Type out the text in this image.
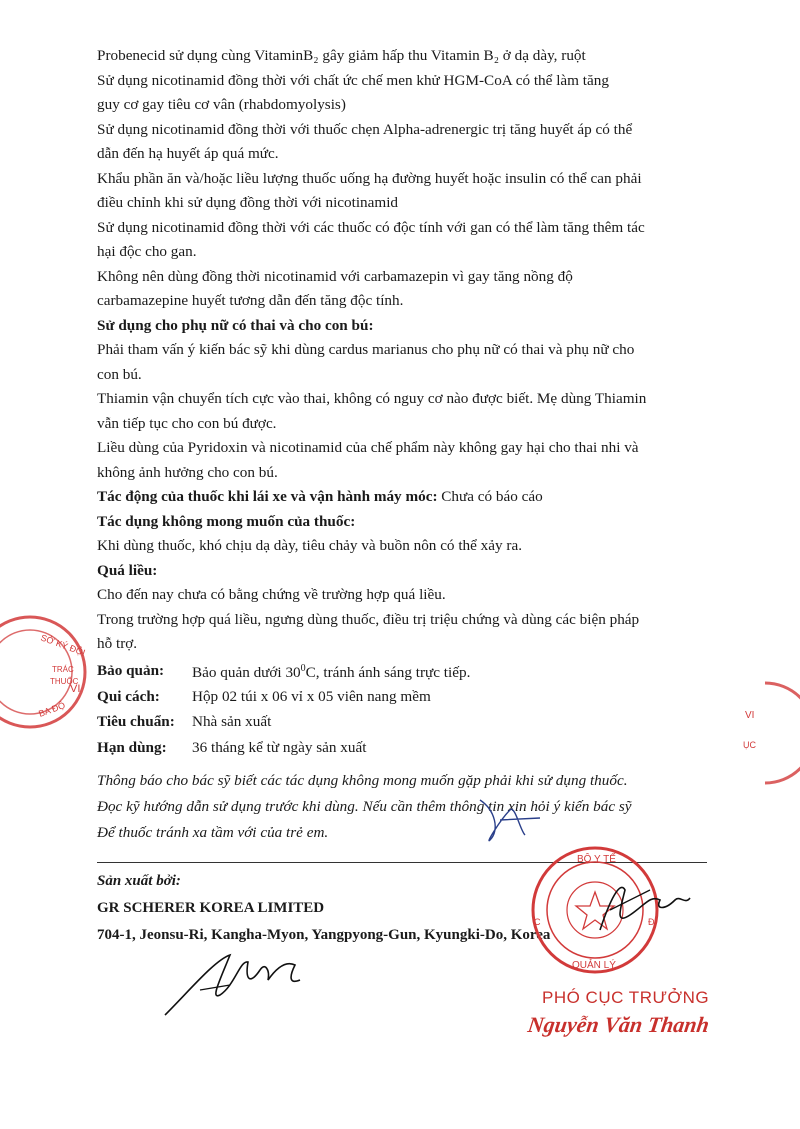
SỞ KÝ ĐỘI
TRÁC
THUỐC
VI
BA ĐỘ	VI
ỤC

Probenecid sử dụng cùng VitaminB₂ gây giảm hấp thu Vitamin B₂ ở dạ dày, ruột

Sử dụng nicotinamid đồng thời với chất ức chế men khử HGM-CoA có thể làm tăng

guy cơ gay tiêu cơ vân (rhabdomyolysis)

Sử dụng nicotinamid đồng thời với thuốc chẹn Alpha-adrenergic trị tăng huyết áp có thể

dẫn đến hạ huyết áp quá mức.

Khẩu phần ăn và/hoặc liều lượng thuốc uống hạ đường huyết hoặc insulin có thể can phải

điều chỉnh khi sử dụng đồng thời với nicotinamid

Sử dụng nicotinamid đồng thời với các thuốc có độc tính với gan có thể làm tăng thêm tác

hại độc cho gan.

Không nên dùng đồng thời nicotinamid với carbamazepin vì gay tăng nồng độ

carbamazepine huyết tương dẫn đến tăng độc tính.

Sử dụng cho phụ nữ có thai và cho con bú:

Phải tham vấn ý kiến bác sỹ khi dùng cardus marianus cho phụ nữ có thai và phụ nữ cho

con bú.

Thiamin vận chuyển tích cực vào thai, không có nguy cơ nào được biết. Mẹ dùng Thiamin

vẫn tiếp tục cho con bú được.

Liều dùng của Pyridoxin và nicotinamid của chế phẩm này không gay hại cho thai nhi và

không ảnh hưởng cho con bú.

Tác động của thuốc khi lái xe và vận hành máy móc: Chưa có báo cáo

Tác dụng không mong muốn của thuốc:

Khi dùng thuốc, khó chịu dạ dày, tiêu chảy và buồn nôn có thể xảy ra.

Quá liều:

Cho đến nay chưa có bằng chứng về trường hợp quá liều.

Trong trường hợp quá liều, ngưng dùng thuốc, điều trị triệu chứng và dùng các biện pháp

hỗ trợ.

Bảo quản:	Bảo quản dưới $30^0C$, tránh ánh sáng trực tiếp.
Qui cách:	Hộp 02 túi x 06 vỉ x 05 viên nang mềm
Tiêu chuẩn:	Nhà sản xuất
Hạn dùng:	36 tháng kể từ ngày sản xuất

Thông báo cho bác sỹ biết các tác dụng không mong muốn gặp phải khi sử dụng thuốc.

Đọc kỹ hướng dẫn sử dụng trước khi dùng. Nếu cần thêm thông tin xin hỏi ý kiến bác sỹ

Để thuốc tránh xa tầm với của trẻ em.

Sản xuất bởi:

GR SCHERER KOREA LIMITED

704-1, Jeonsu-Ri, Kangha-Myon, Yangpyong-Gun, Kyungki-Do, Korea

BỘ Y TẾ
QUẢN LÝ
C	Đ
PHÓ CỤC TRƯỞNG
Nguyễn Văn Thanh
